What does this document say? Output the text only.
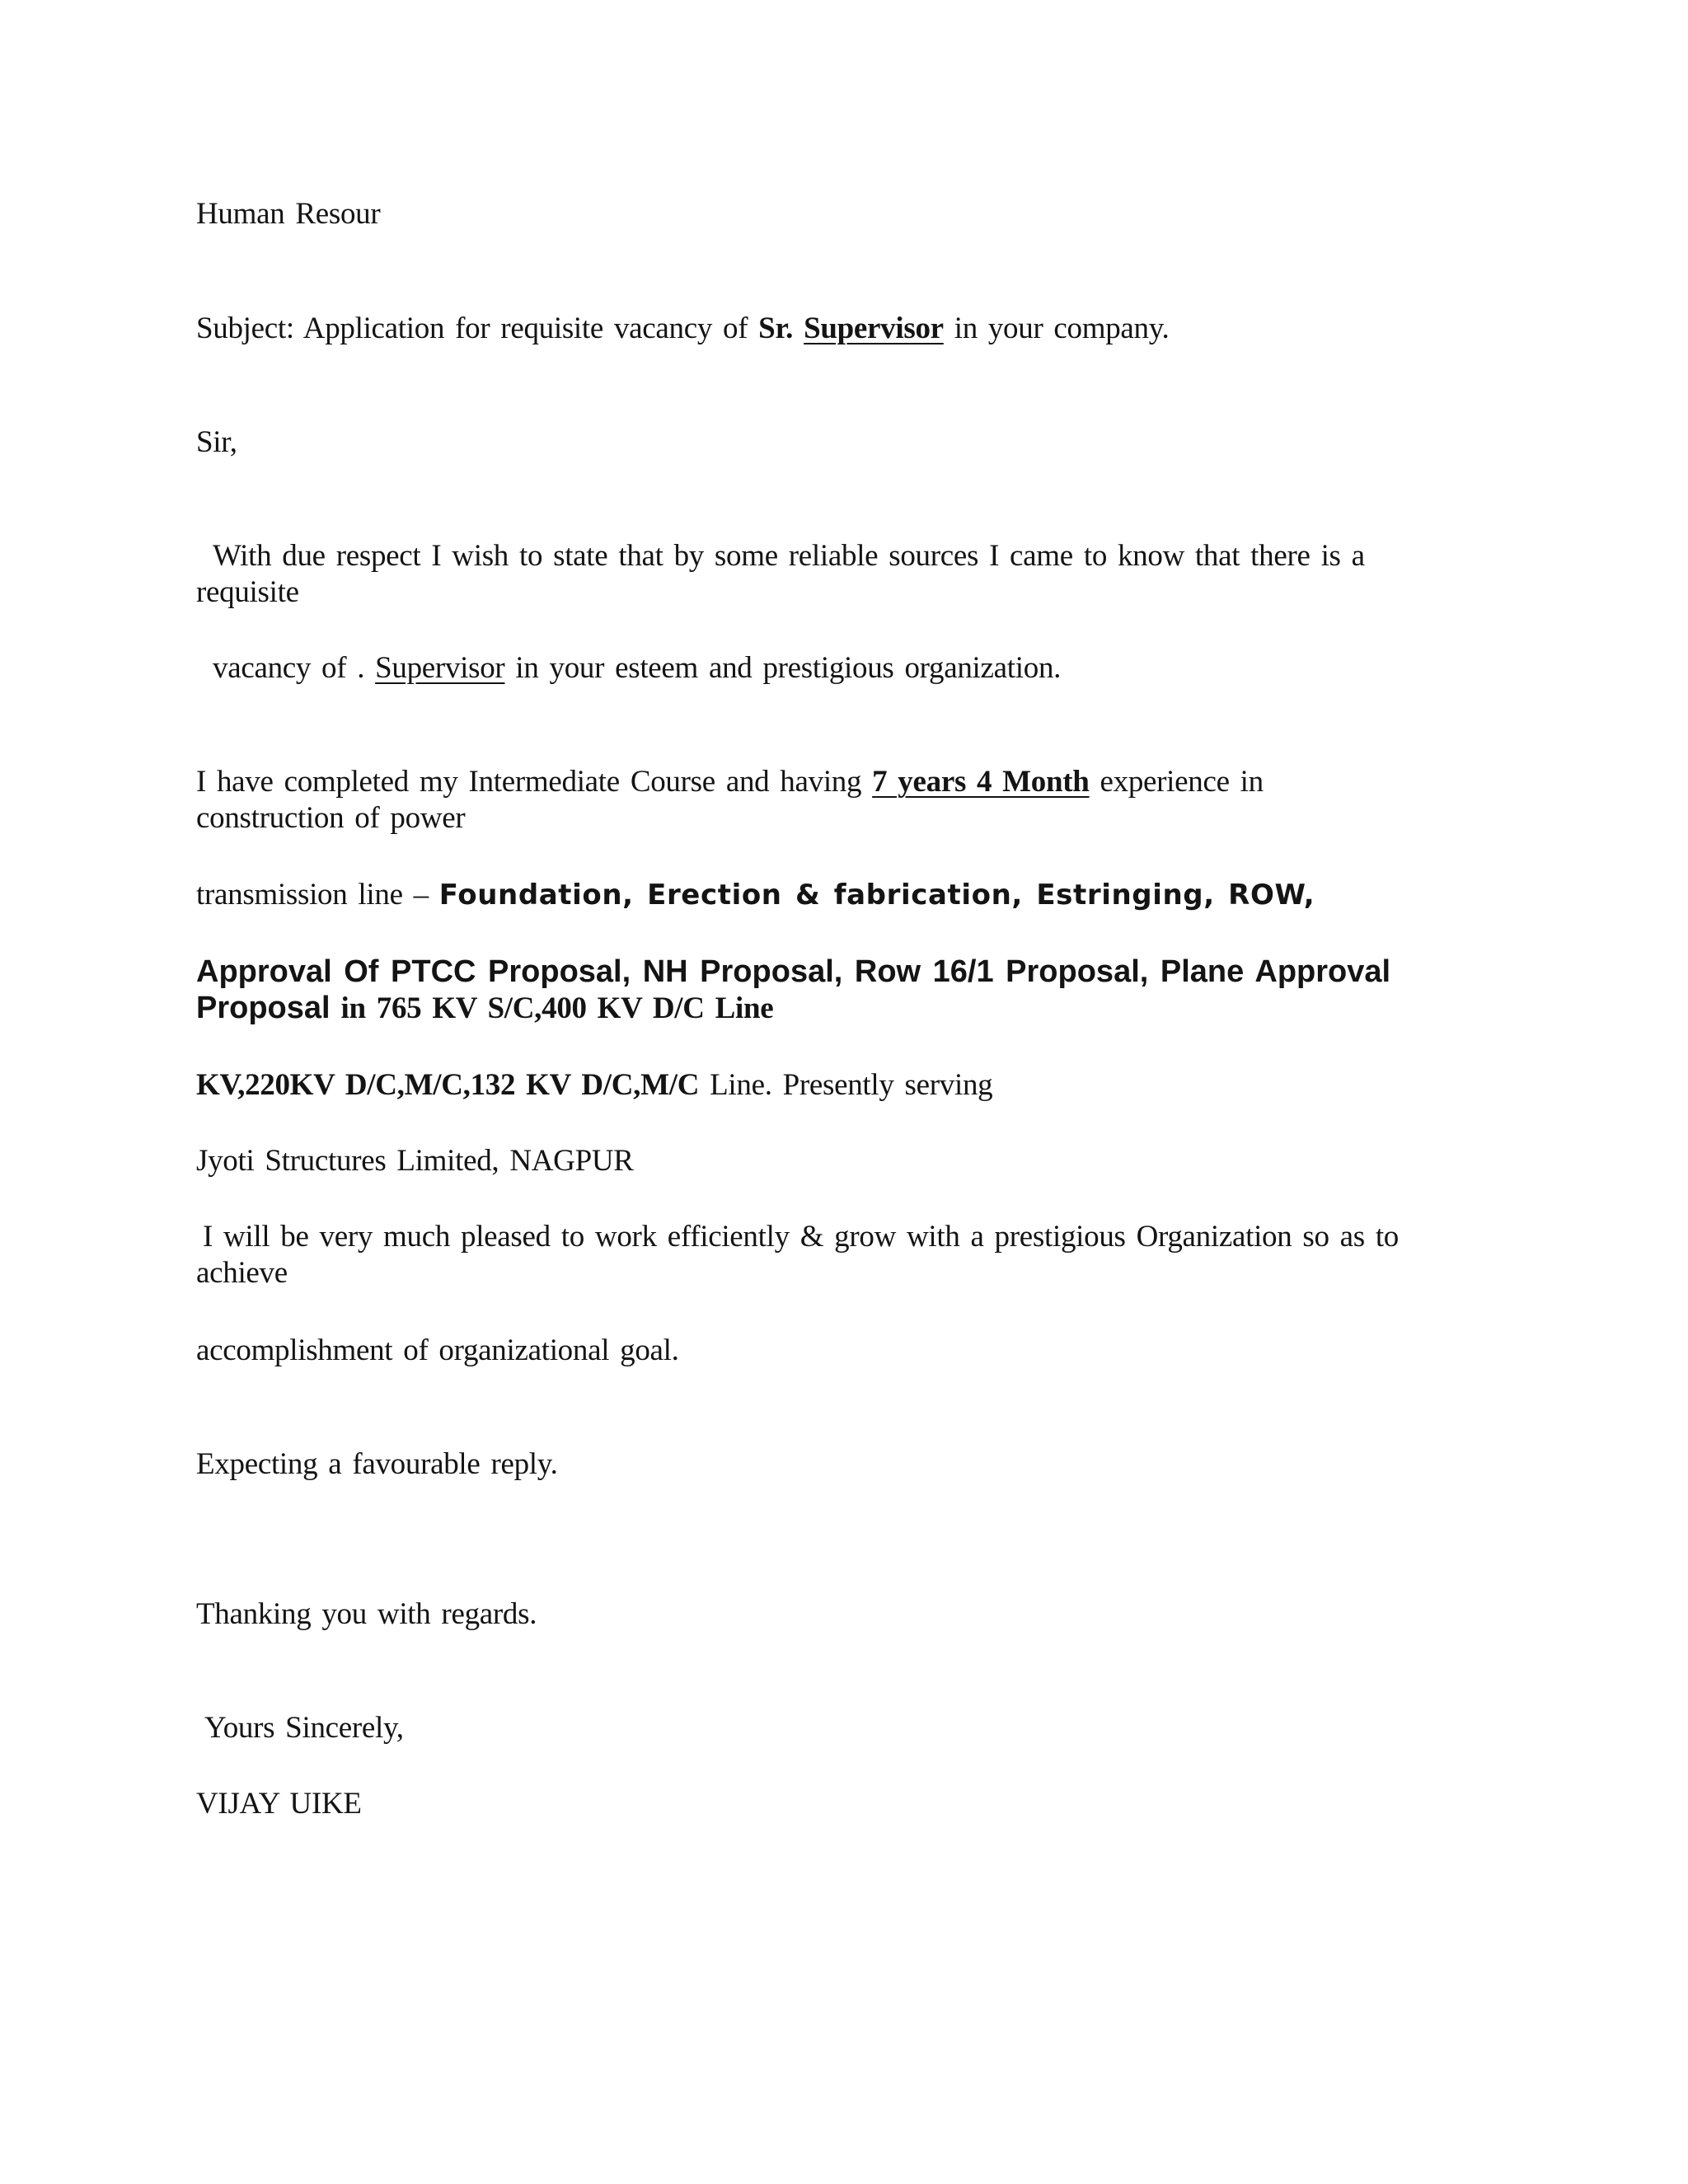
Human Resour
Subject: Application for requisite vacancy of Sr. Supervisor in your company.
Sir,
With due respect I wish to state that by some reliable sources I came to know that there is a
requisite
vacancy of . Supervisor in your esteem and prestigious organization.
I have completed my Intermediate Course and having 7 years 4 Month experience in
construction of power
transmission line – Foundation, Erection & fabrication, Estringing, ROW,
Approval Of PTCC Proposal, NH Proposal, Row 16/1 Proposal, Plane Approval
Proposal in 765 KV S/C,400 KV D/C Line
KV,220KV D/C,M/C,132 KV D/C,M/C Line. Presently serving
Jyoti Structures Limited, NAGPUR
I will be very much pleased to work efficiently & grow with a prestigious Organization so as to
achieve
accomplishment of organizational goal.
Expecting a favourable reply.
Thanking you with regards.
Yours Sincerely,
VIJAY UIKE
